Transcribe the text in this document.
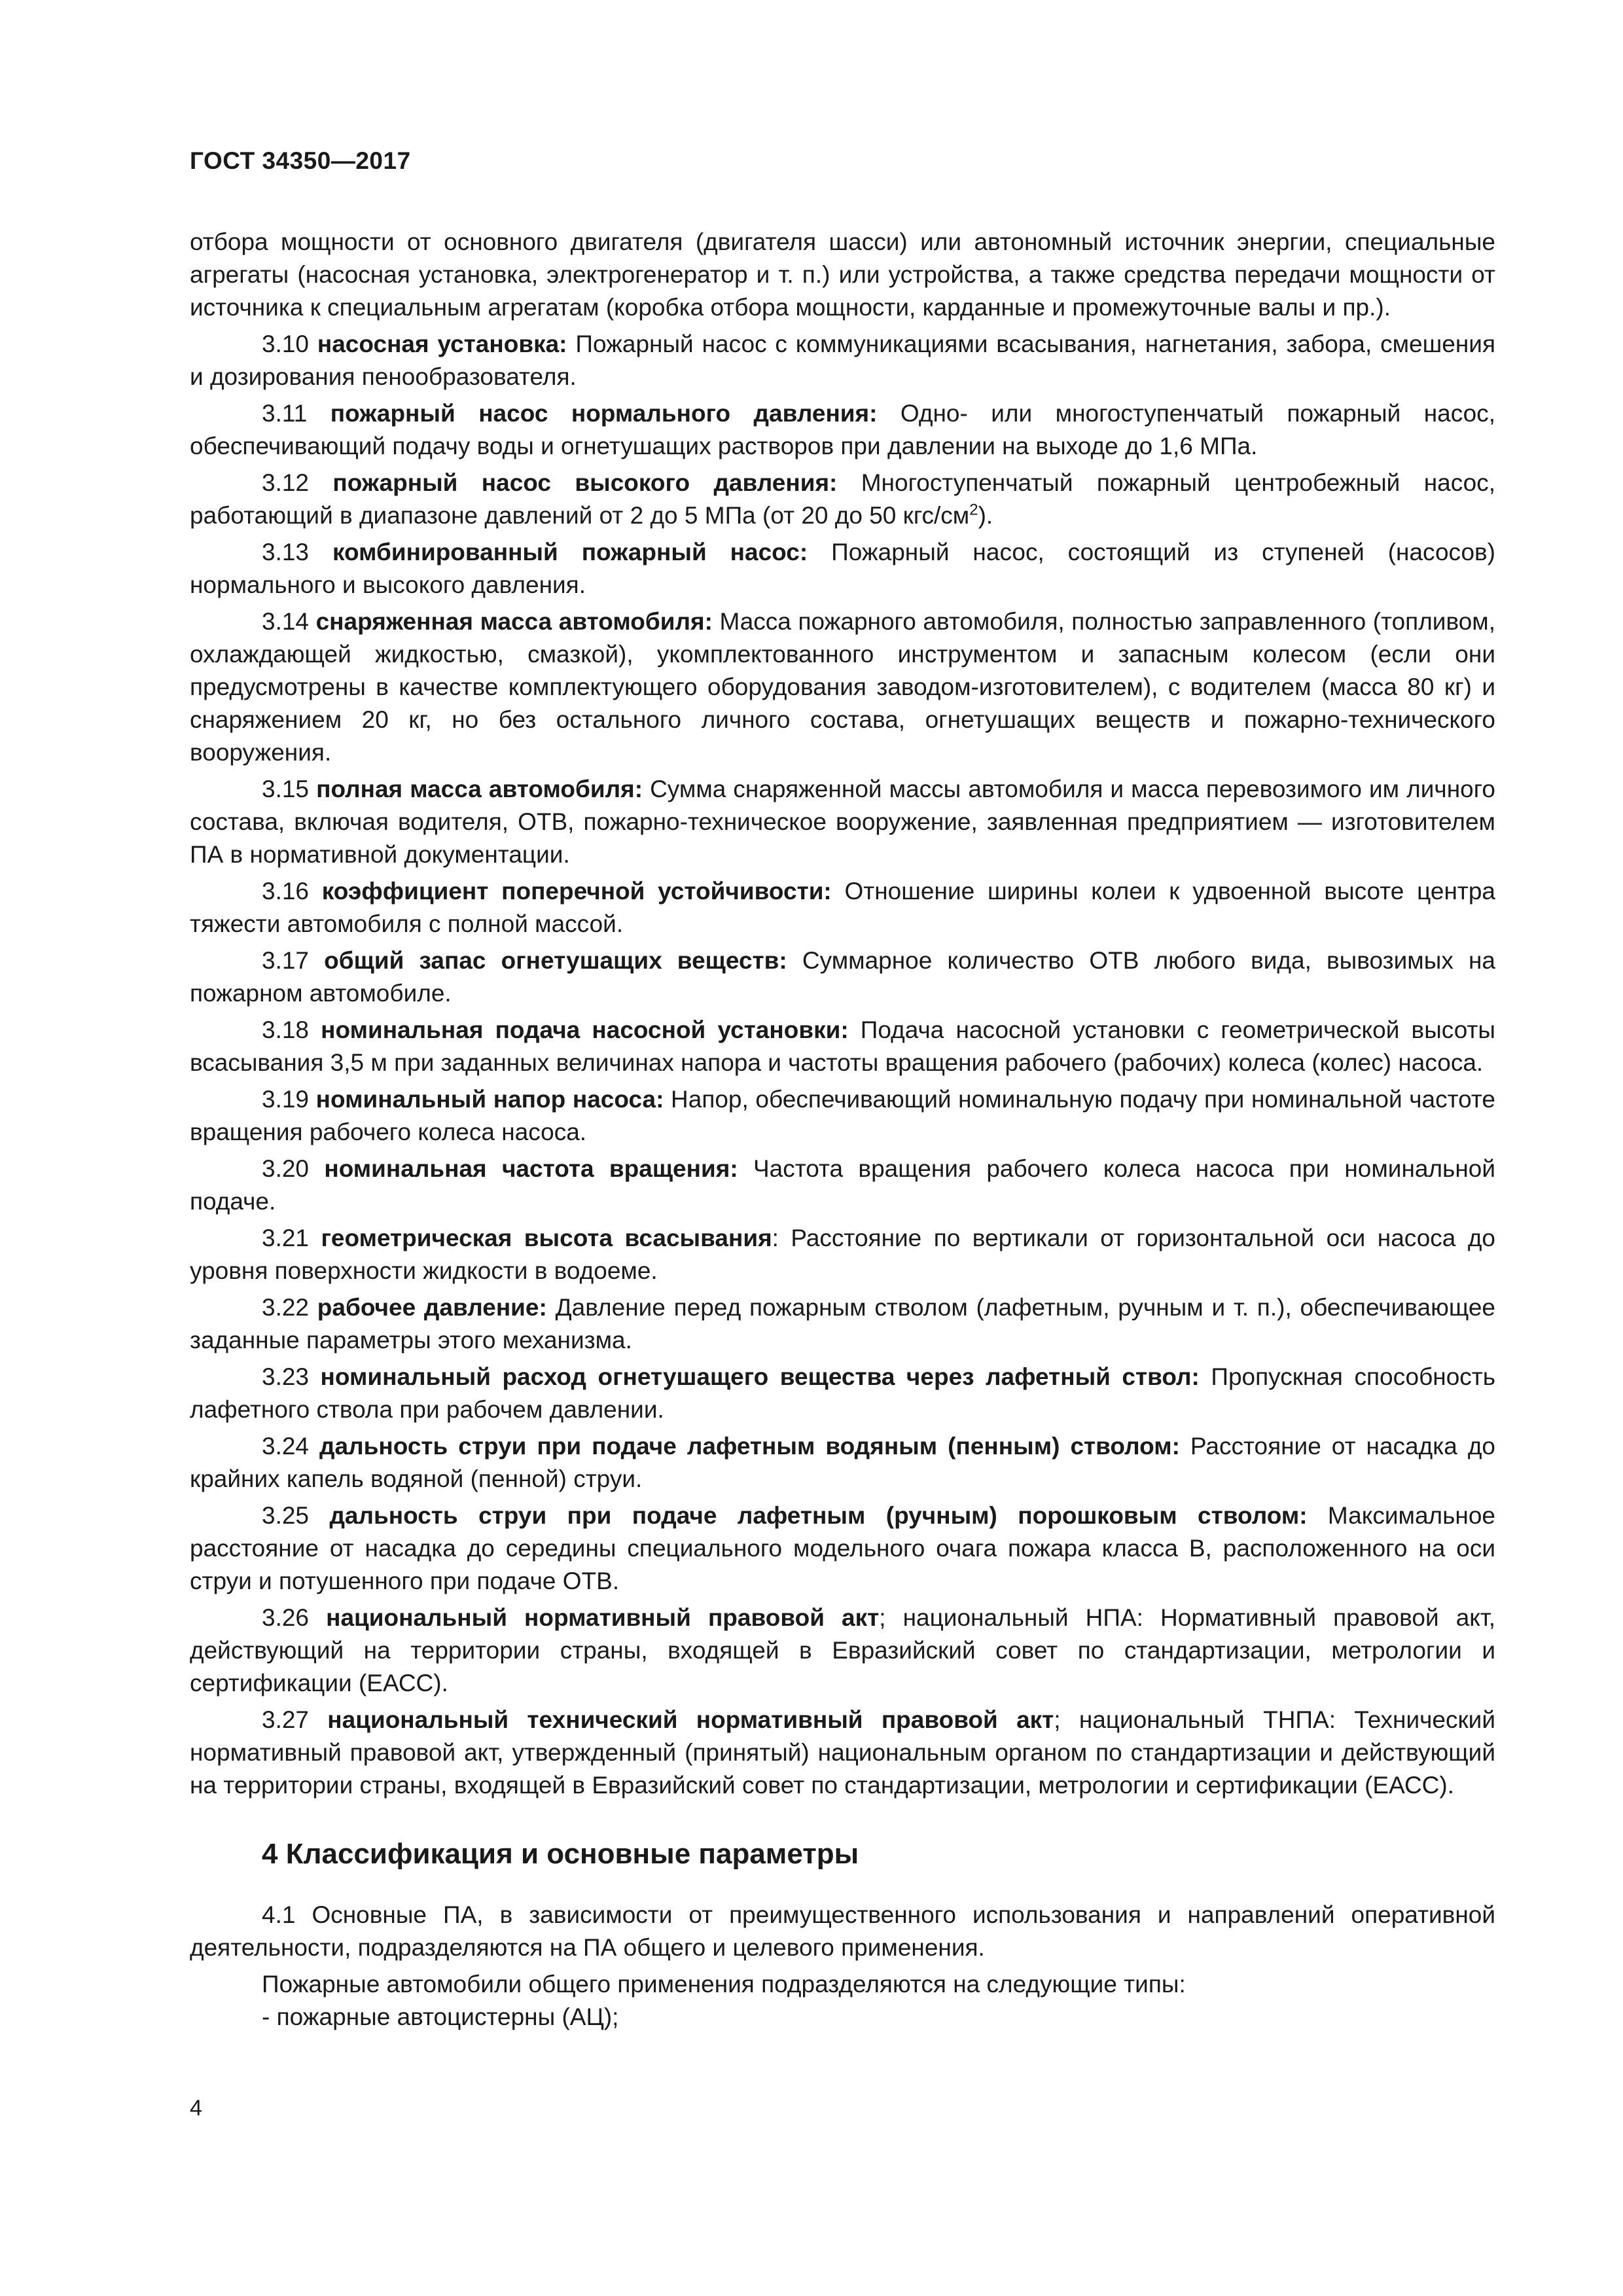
ГОСТ 34350—2017

отбора мощности от основного двигателя (двигателя шасси) или автономный источник энергии, специальные агрегаты (насосная установка, электрогенератор и т. п.) или устройства, а также средства передачи мощности от источника к специальным агрегатам (коробка отбора мощности, карданные и промежуточные валы и пр.).

3.10 насосная установка: Пожарный насос с коммуникациями всасывания, нагнетания, забора, смешения и дозирования пенообразователя.

3.11 пожарный насос нормального давления: Одно- или многоступенчатый пожарный насос, обеспечивающий подачу воды и огнетушащих растворов при давлении на выходе до 1,6 МПа.

3.12 пожарный насос высокого давления: Многоступенчатый пожарный центробежный насос, работающий в диапазоне давлений от 2 до 5 МПа (от 20 до 50 кгс/$см^2$).

3.13 комбинированный пожарный насос: Пожарный насос, состоящий из ступеней (насосов) нормального и высокого давления.

3.14 снаряженная масса автомобиля: Масса пожарного автомобиля, полностью заправленного (топливом, охлаждающей жидкостью, смазкой), укомплектованного инструментом и запасным колесом (если они предусмотрены в качестве комплектующего оборудования заводом-изготовителем), с водителем (масса 80 кг) и снаряжением 20 кг, но без остального личного состава, огнетушащих веществ и пожарно-технического вооружения.

3.15 полная масса автомобиля: Сумма снаряженной массы автомобиля и масса перевозимого им личного состава, включая водителя, ОТВ, пожарно-техническое вооружение, заявленная предприятием — изготовителем ПА в нормативной документации.

3.16 коэффициент поперечной устойчивости: Отношение ширины колеи к удвоенной высоте центра тяжести автомобиля с полной массой.

3.17 общий запас огнетушащих веществ: Суммарное количество ОТВ любого вида, вывозимых на пожарном автомобиле.

3.18 номинальная подача насосной установки: Подача насосной установки с геометрической высоты всасывания 3,5 м при заданных величинах напора и частоты вращения рабочего (рабочих) колеса (колес) насоса.

3.19 номинальный напор насоса: Напор, обеспечивающий номинальную подачу при номинальной частоте вращения рабочего колеса насоса.

3.20 номинальная частота вращения: Частота вращения рабочего колеса насоса при номинальной подаче.

3.21 геометрическая высота всасывания: Расстояние по вертикали от горизонтальной оси насоса до уровня поверхности жидкости в водоеме.

3.22 рабочее давление: Давление перед пожарным стволом (лафетным, ручным и т. п.), обеспечивающее заданные параметры этого механизма.

3.23 номинальный расход огнетушащего вещества через лафетный ствол: Пропускная способность лафетного ствола при рабочем давлении.

3.24 дальность струи при подаче лафетным водяным (пенным) стволом: Расстояние от насадка до крайних капель водяной (пенной) струи.

3.25 дальность струи при подаче лафетным (ручным) порошковым стволом: Максимальное расстояние от насадка до середины специального модельного очага пожара класса В, расположенного на оси струи и потушенного при подаче ОТВ.

3.26 национальный нормативный правовой акт; национальный НПА: Нормативный правовой акт, действующий на территории страны, входящей в Евразийский совет по стандартизации, метрологии и сертификации (ЕАСС).

3.27 национальный технический нормативный правовой акт; национальный ТНПА: Технический нормативный правовой акт, утвержденный (принятый) национальным органом по стандартизации и действующий на территории страны, входящей в Евразийский совет по стандартизации, метрологии и сертификации (ЕАСС).

4 Классификация и основные параметры

4.1 Основные ПА, в зависимости от преимущественного использования и направлений оперативной деятельности, подразделяются на ПА общего и целевого применения.

Пожарные автомобили общего применения подразделяются на следующие типы:

- пожарные автоцистерны (АЦ);

4
